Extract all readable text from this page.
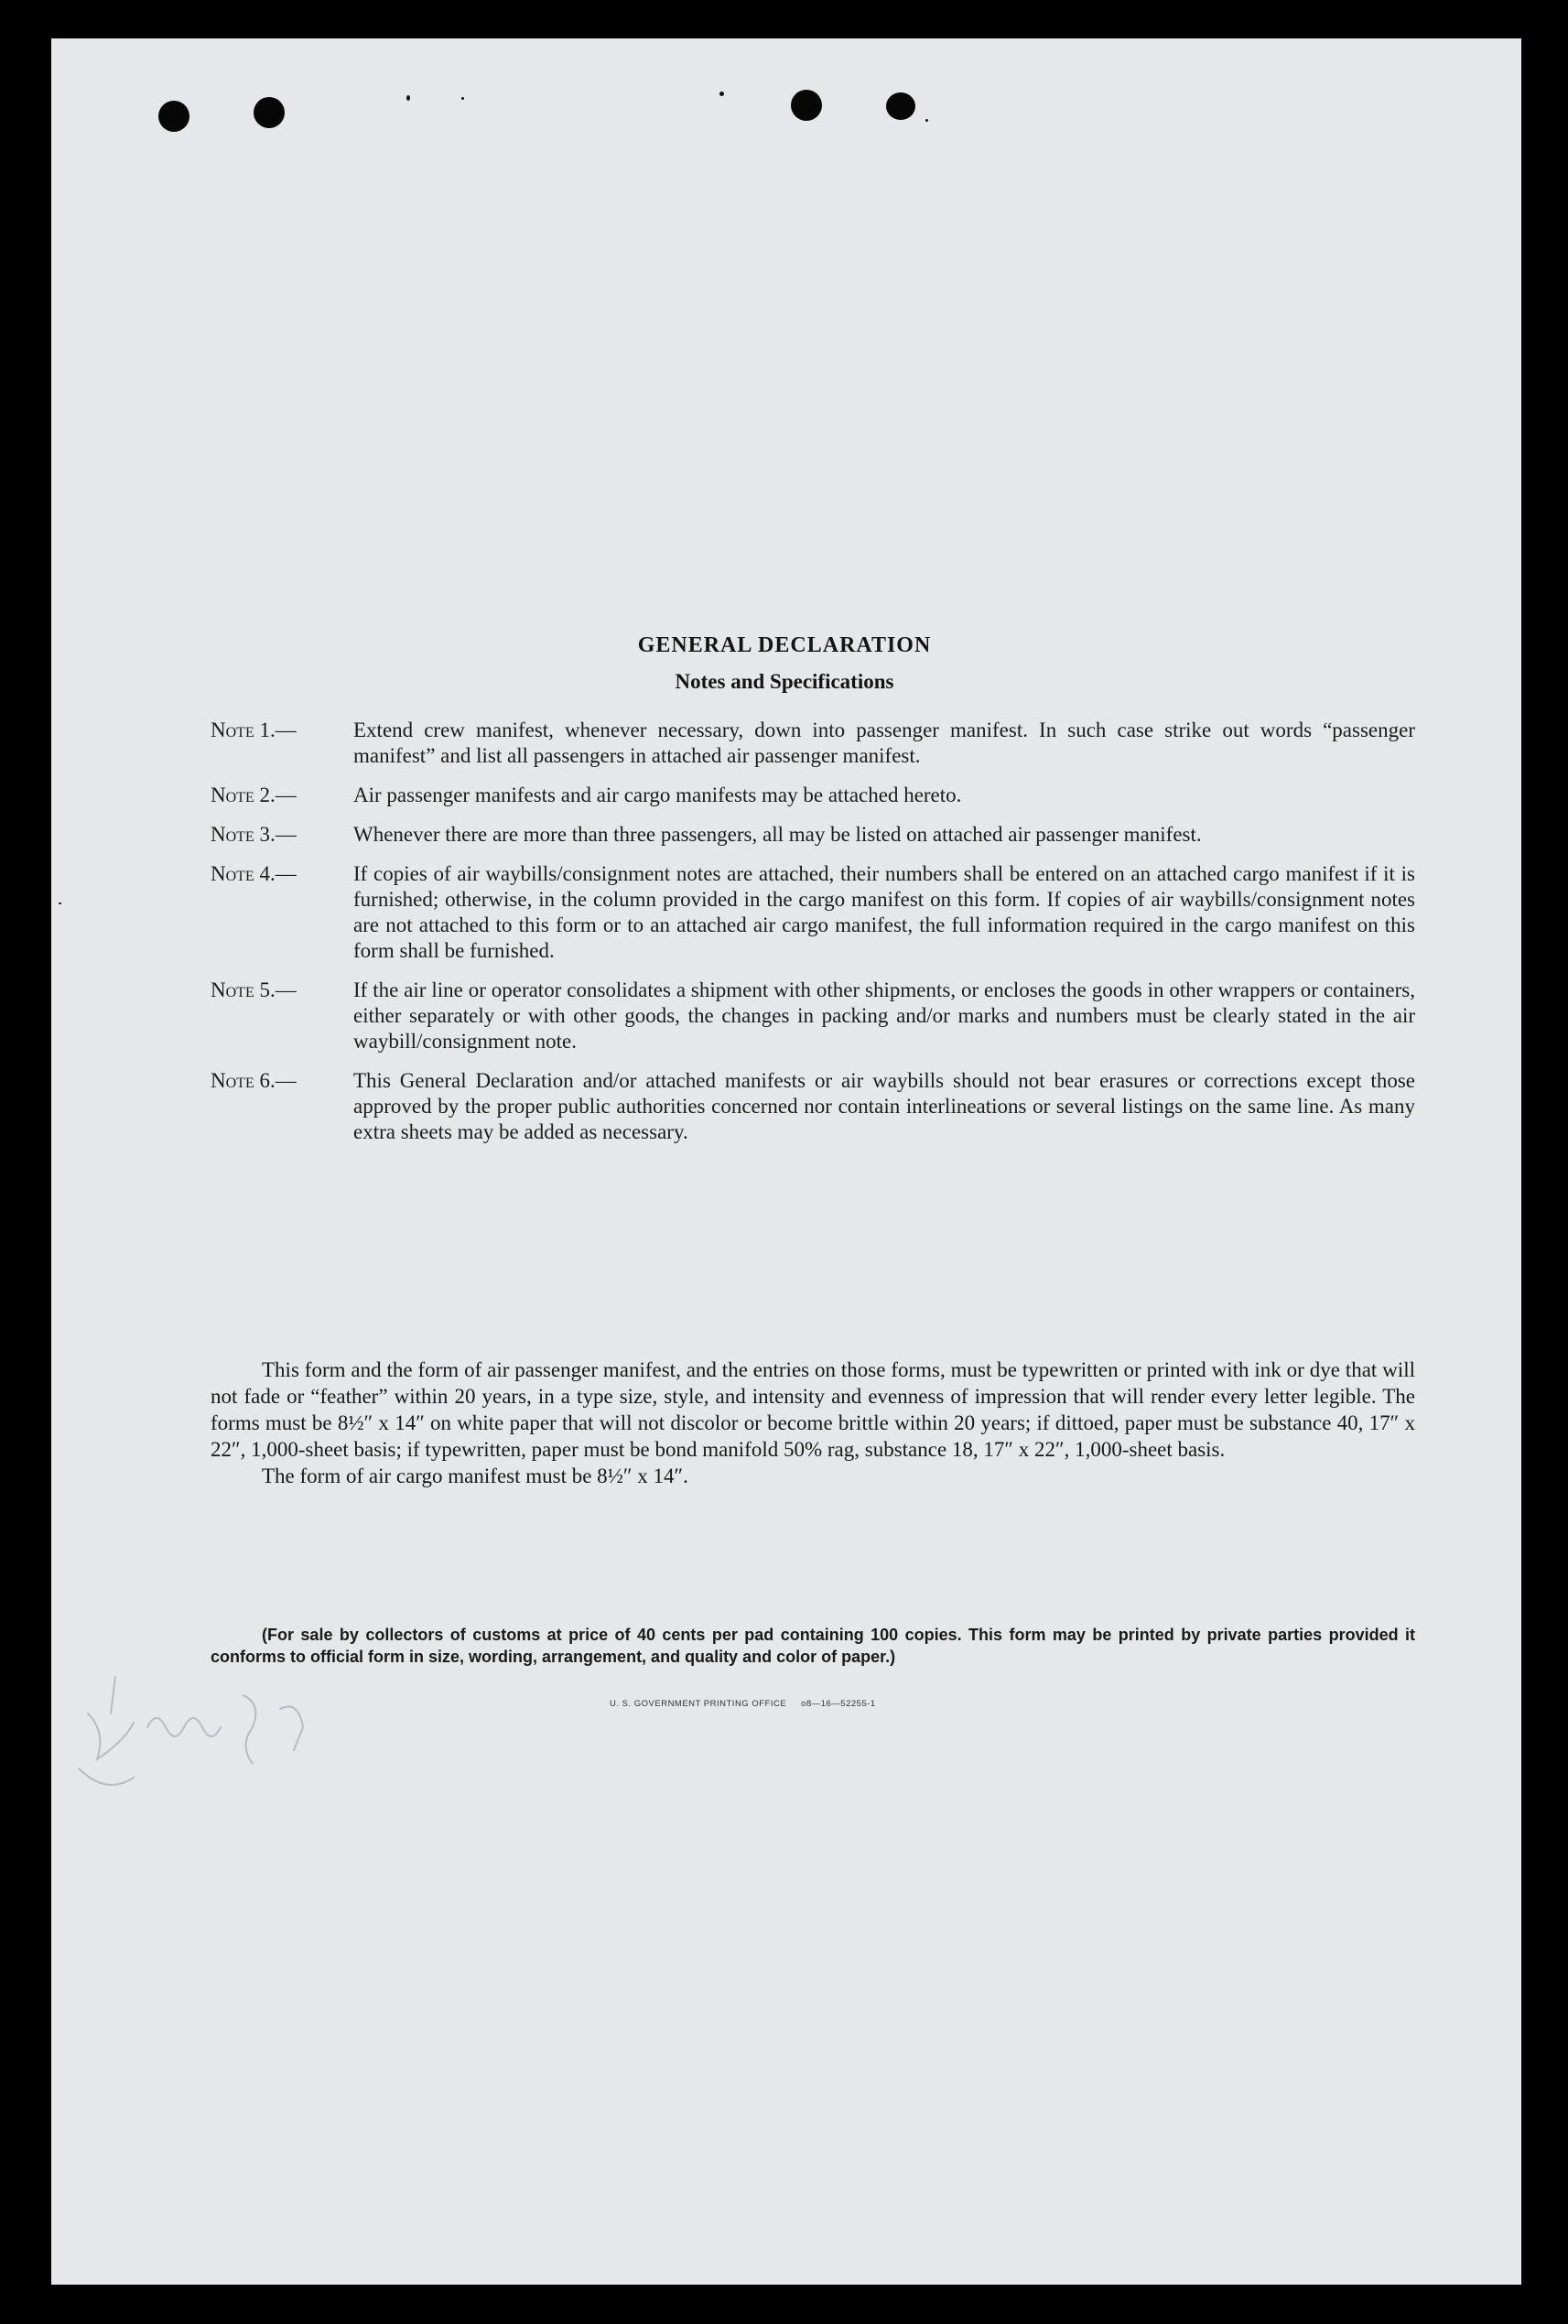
GENERAL DECLARATION
Notes and Specifications

Note 1.—	Extend crew manifest, whenever necessary, down into passenger manifest. In such case strike out words “passenger manifest” and list all passengers in attached air passenger manifest.

Note 2.—	Air passenger manifests and air cargo manifests may be attached hereto.

Note 3.—	Whenever there are more than three passengers, all may be listed on attached air passenger manifest.

Note 4.—	If copies of air waybills/consignment notes are attached, their numbers shall be entered on an attached cargo manifest if it is furnished; otherwise, in the column provided in the cargo manifest on this form. If copies of air waybills/consignment notes are not attached to this form or to an attached air cargo manifest, the full information required in the cargo manifest on this form shall be furnished.

Note 5.—	If the air line or operator consolidates a shipment with other shipments, or encloses the goods in other wrappers or containers, either separately or with other goods, the changes in packing and/or marks and numbers must be clearly stated in the air waybill/consignment note.

Note 6.—	This General Declaration and/or attached manifests or air waybills should not bear erasures or corrections except those approved by the proper public authorities concerned nor contain interlineations or several listings on the same line. As many extra sheets may be added as necessary.

This form and the form of air passenger manifest, and the entries on those forms, must be typewritten or printed with ink or dye that will not fade or “feather” within 20 years, in a type size, style, and intensity and evenness of impression that will render every letter legible. The forms must be 8½″ x 14″ on white paper that will not discolor or become brittle within 20 years; if dittoed, paper must be substance 40, 17″ x 22″, 1,000-sheet basis; if typewritten, paper must be bond manifold 50% rag, substance 18, 17″ x 22″, 1,000-sheet basis.

The form of air cargo manifest must be 8½″ x 14″.

(For sale by collectors of customs at price of 40 cents per pad containing 100 copies. This form may be printed by private parties provided it conforms to official form in size, wording, arrangement, and quality and color of paper.)

U. S. GOVERNMENT PRINTING OFFICE o8—16—52255-1
